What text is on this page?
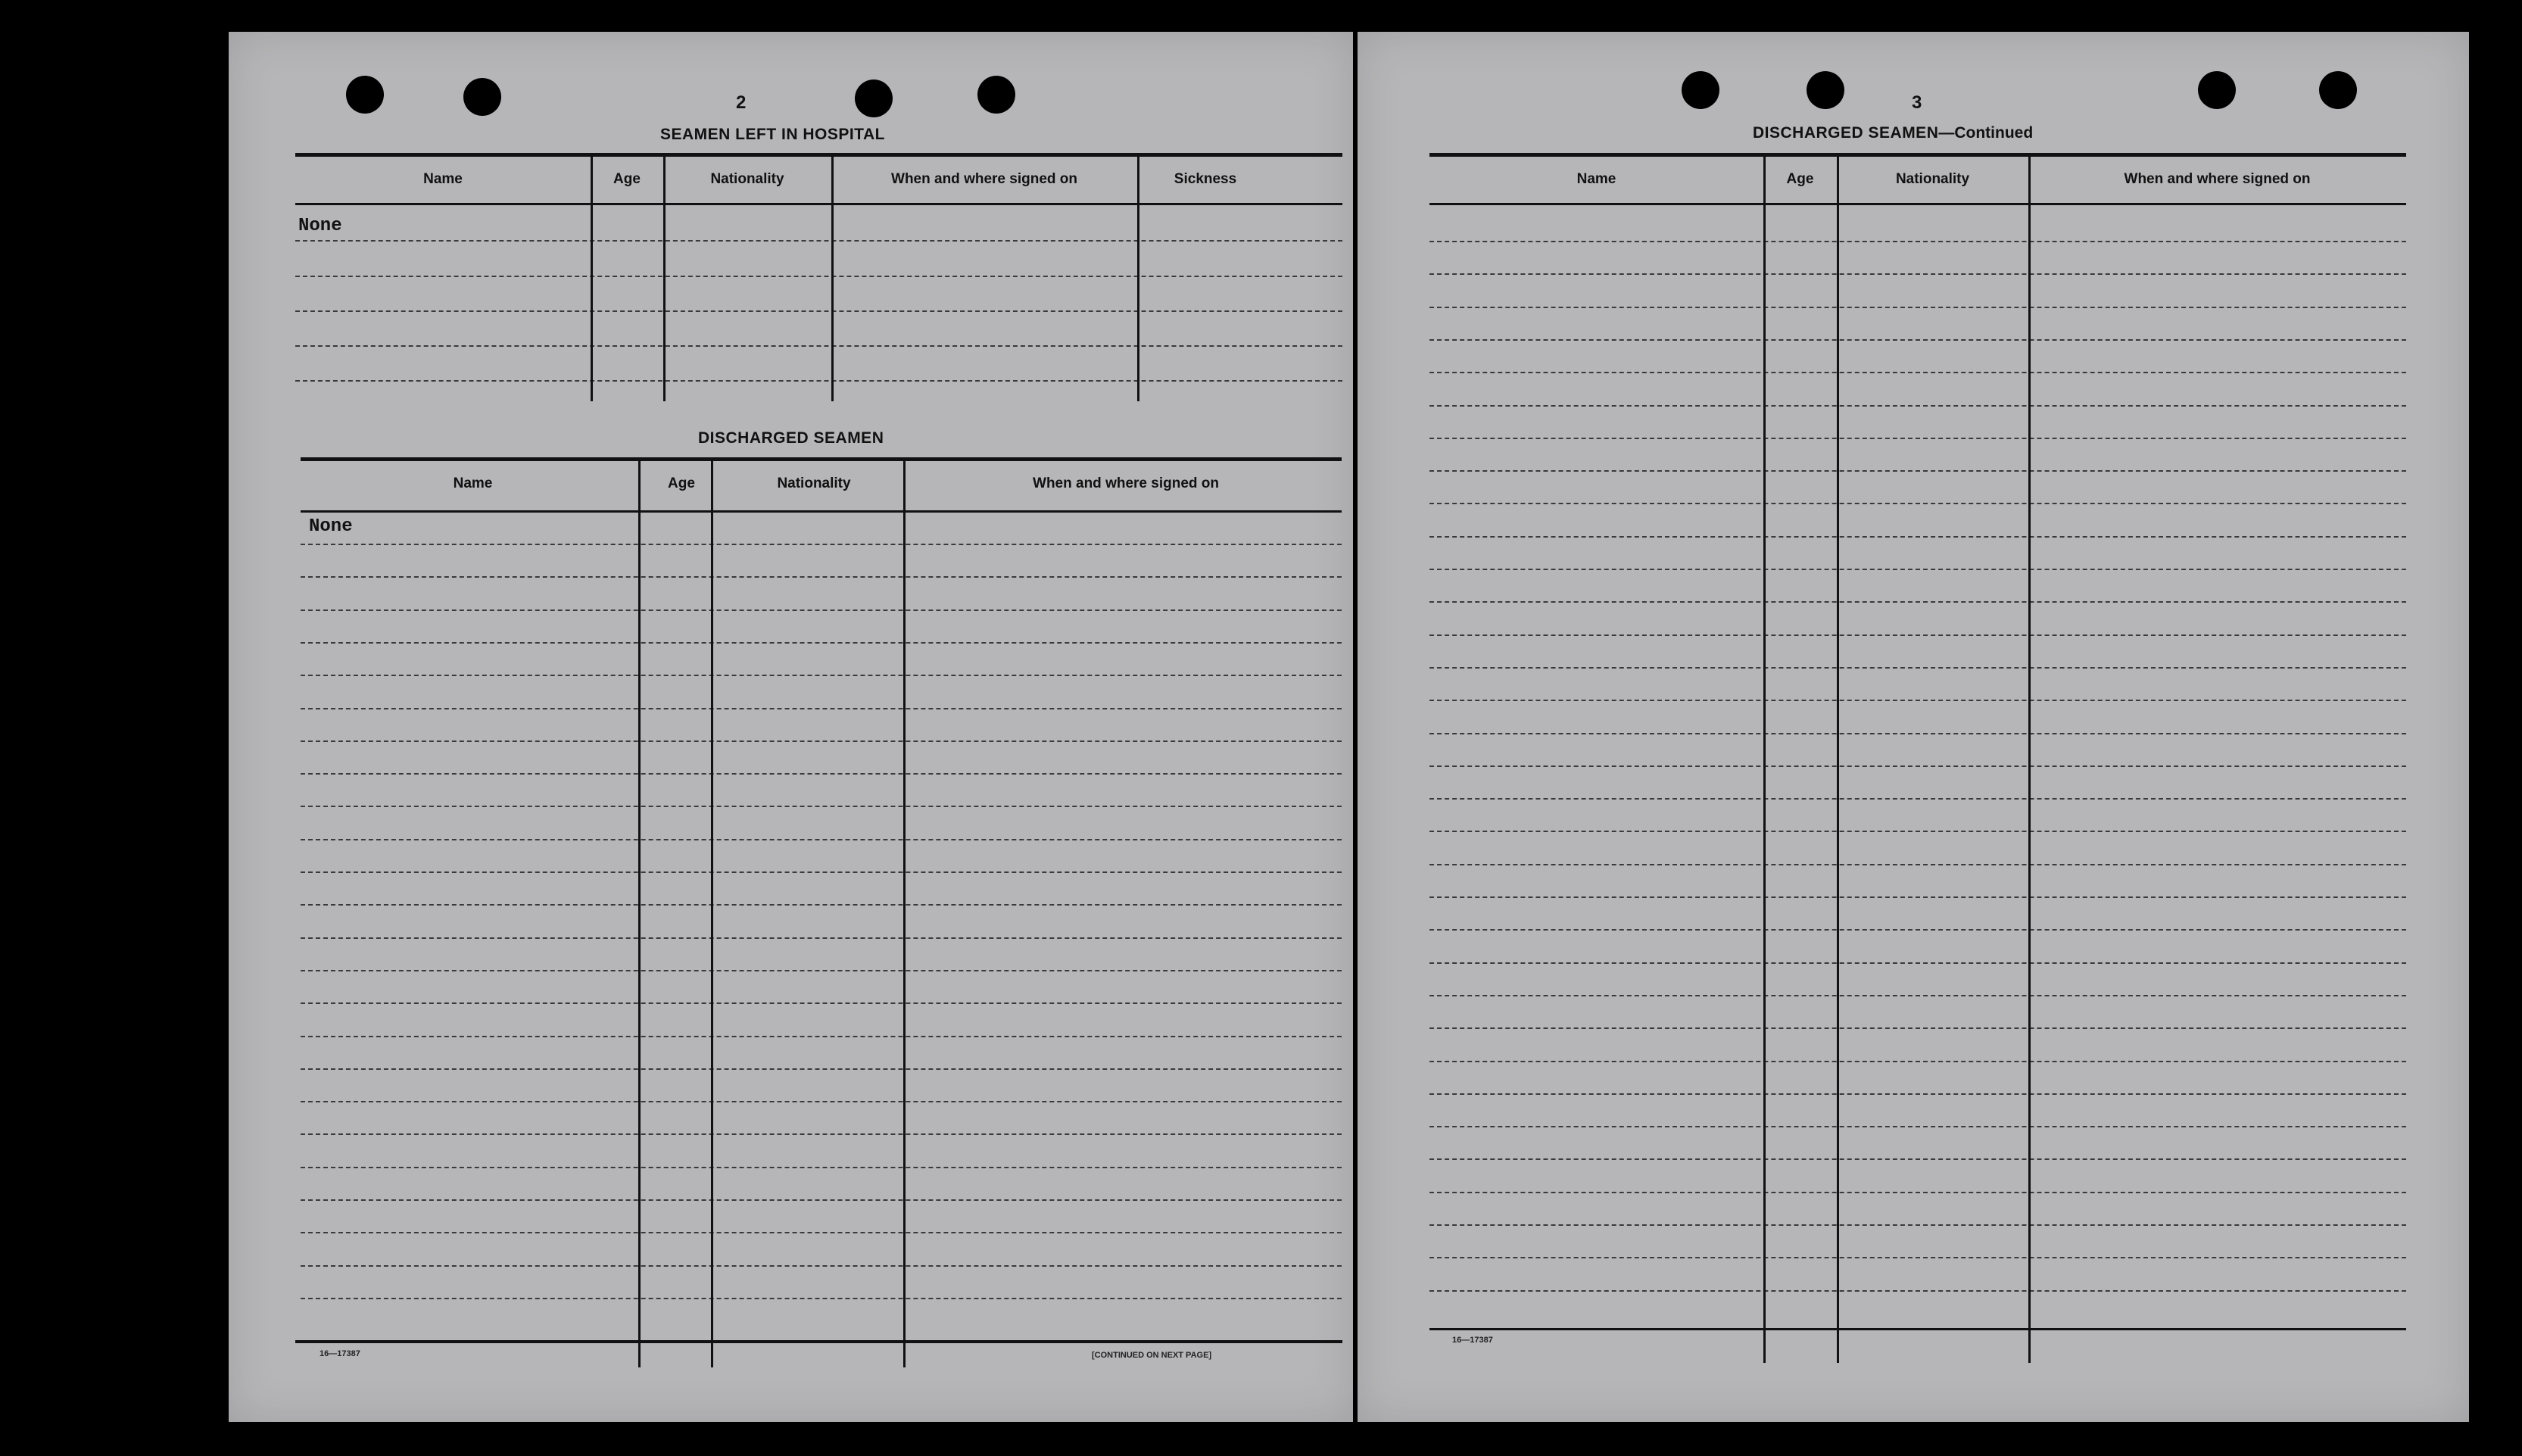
2
SEAMEN LEFT IN HOSPITAL
Name	Age	Nationality	When and where signed on	Sickness
None
DISCHARGED SEAMEN
Name	Age	Nationality	When and where signed on
None
16—17387	[CONTINUED ON NEXT PAGE]
3
DISCHARGED SEAMEN—Continued
Name	Age	Nationality	When and where signed on
16—17387
